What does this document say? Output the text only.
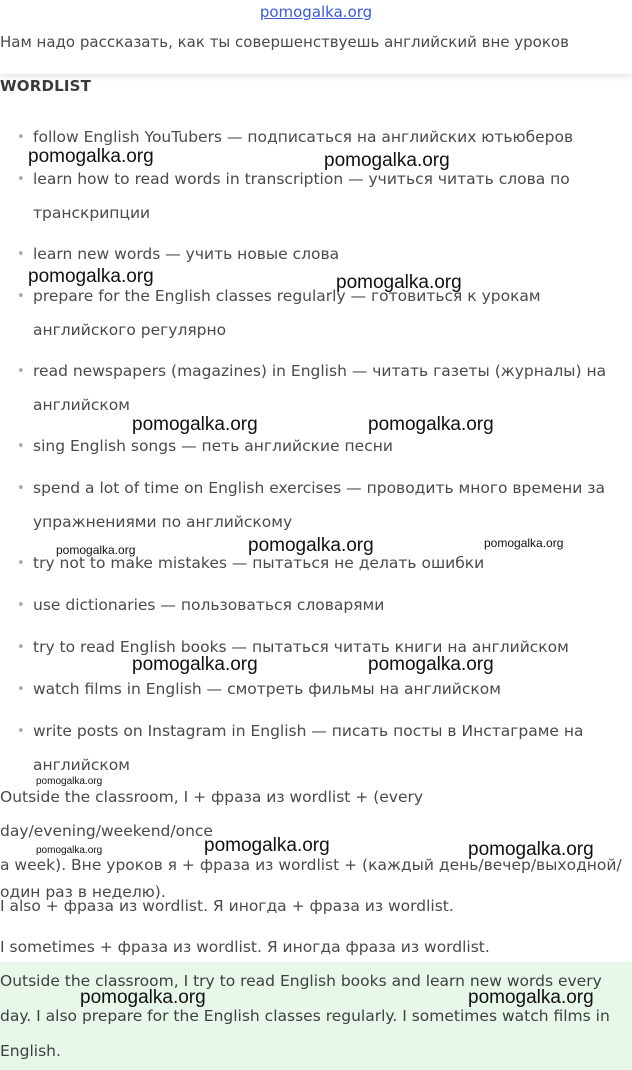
pomogalka.org
Нам надо рассказать, как ты совершенствуешь английский вне уроков
WORDLIST
• follow English YouTubers — подписаться на английских ютьюберов
• learn how to read words in transcription — учиться читать слова по транскрипции
• learn new words — учить новые слова
• prepare for the English classes regularly — готовиться к урокам английского регулярно
• read newspapers (magazines) in English — читать газеты (журналы) на английском
• sing English songs — петь английские песни
• spend a lot of time on English exercises — проводить много времени за упражнениями по английскому
• try not to make mistakes — пытаться не делать ошибки
• use dictionaries — пользоваться словарями
• try to read English books — пытаться читать книги на английском
• watch films in English — смотреть фильмы на английском
• write posts on Instagram in English — писать посты в Инстаграме на английском
Outside the classroom, I + фраза из wordlist + (every day/evening/weekend/once
a week). Вне уроков я + фраза из wordlist + (каждый день/вечер/выходной/
один раз в неделю).
I also + фраза из wordlist. Я иногда + фраза из wordlist.
I sometimes + фраза из wordlist. Я иногда фраза из wordlist.
Outside the classroom, I try to read English books and learn new words every day. I also prepare for the English classes regularly. I sometimes watch films in English.
pomogalka.org	pomogalka.org
pomogalka.org	pomogalka.org
pomogalka.org	pomogalka.org
pomogalka.org	pomogalka.org	pomogalka.org
pomogalka.org	pomogalka.org
pomogalka.org
pomogalka.org	pomogalka.org	pomogalka.org
pomogalka.org	pomogalka.org
